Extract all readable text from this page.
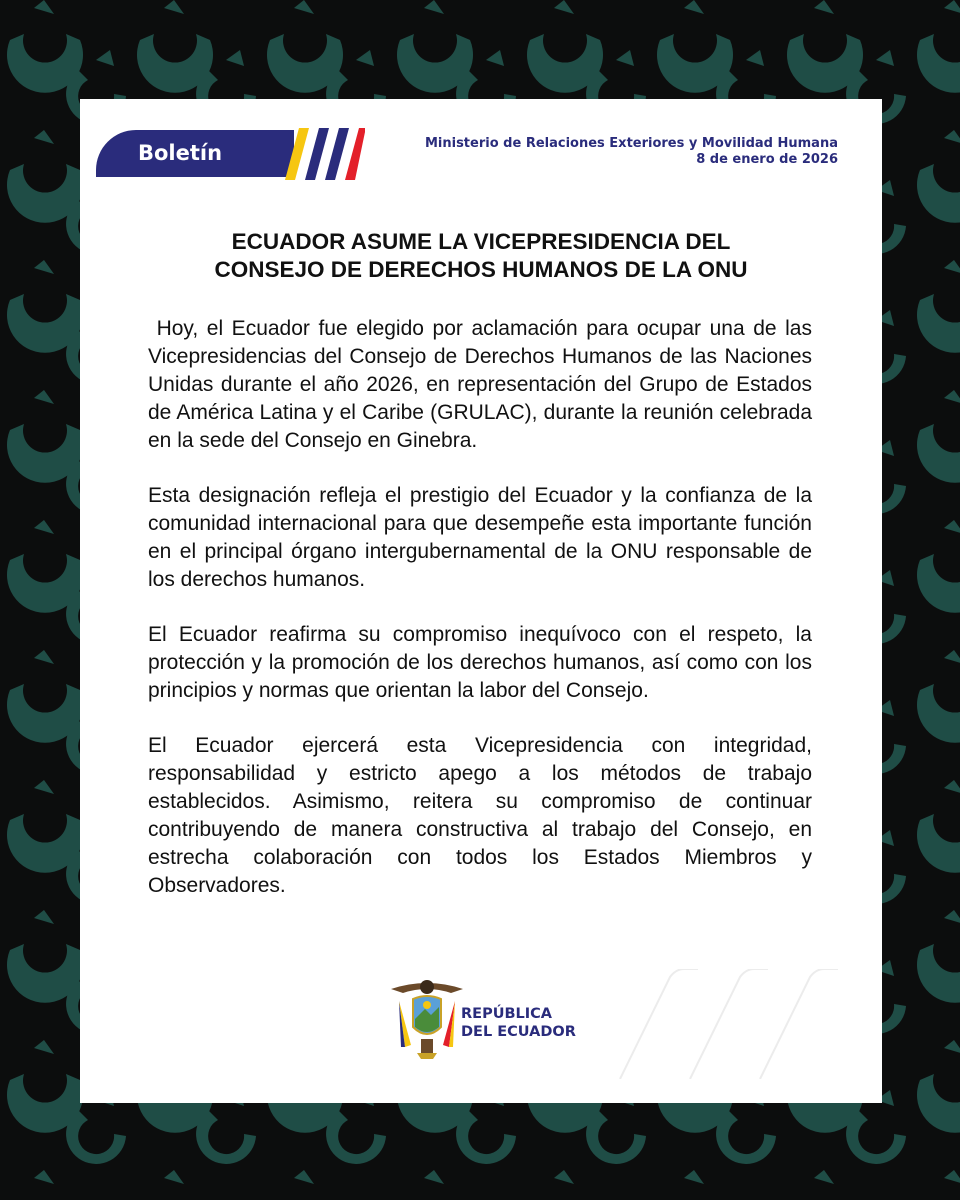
Boletín	Ministerio de Relaciones Exteriores y Movilidad Humana
8 de enero de 2026
ECUADOR ASUME LA VICEPRESIDENCIA DEL
CONSEJO DE DERECHOS HUMANOS DE LA ONU

Hoy, el Ecuador fue elegido por aclamación para ocupar una de las Vicepresidencias del Consejo de Derechos Humanos de las Naciones Unidas durante el año 2026, en representación del Grupo de Estados de América Latina y el Caribe (GRULAC), durante la reunión celebrada en la sede del Consejo en Ginebra.

Esta designación refleja el prestigio del Ecuador y la confianza de la comunidad internacional para que desempeñe esta importante función en el principal órgano intergubernamental de la ONU responsable de los derechos humanos.

El Ecuador reafirma su compromiso inequívoco con el respeto, la protección y la promoción de los derechos humanos, así como con los principios y normas que orientan la labor del Consejo.

El Ecuador ejercerá esta Vicepresidencia con integridad, responsabilidad y estricto apego a los métodos de trabajo establecidos. Asimismo, reitera su compromiso de continuar contribuyendo de manera constructiva al trabajo del Consejo, en estrecha colaboración con todos los Estados Miembros y Observadores.

REPÚBLICA
DEL ECUADOR
